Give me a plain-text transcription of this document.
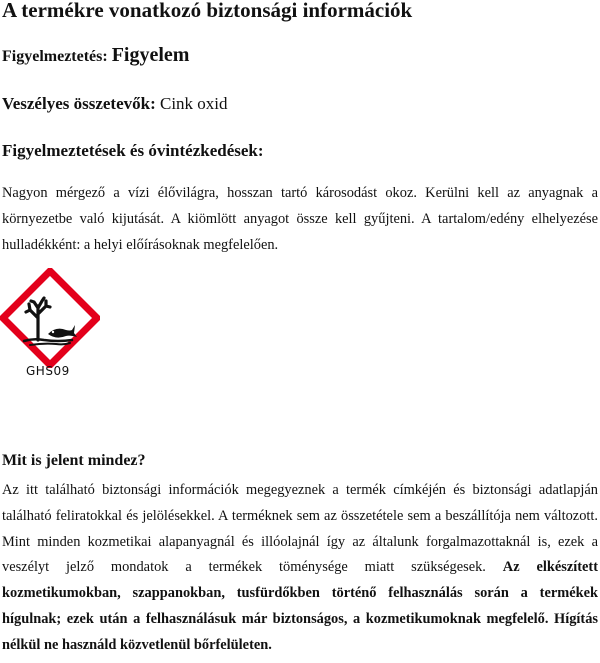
A termékre vonatkozó biztonsági információk

Figyelmeztetés: Figyelem

Veszélyes összetevők: Cink oxid

Figyelmeztetések és óvintézkedések:

Nagyon mérgező a vízi élővilágra, hosszan tartó károsodást okoz. Kerülni kell az anyagnak a környezetbe való kijutását. A kiömlött anyagot össze kell gyűjteni. A tartalom/edény elhelyezése hulladékként: a helyi előírásoknak megfelelően.

GHS09

Mit is jelent mindez?

Az itt található biztonsági információk megegyeznek a termék címkéjén és biztonsági adatlapján található feliratokkal és jelölésekkel. A terméknek sem az összetétele sem a beszállítója nem változott. Mint minden kozmetikai alapanyagnál és illóolajnál így az általunk forgalmazottaknál is, ezek a veszélyt jelző mondatok a termékek töménysége miatt szükségesek. Az elkészített kozmetikumokban, szappanokban, tusfürdőkben történő felhasználás során a termékek hígulnak; ezek után a felhasználásuk már biztonságos, a kozmetikumoknak megfelelő. Hígítás nélkül ne használd közvetlenül bőrfelületen.
